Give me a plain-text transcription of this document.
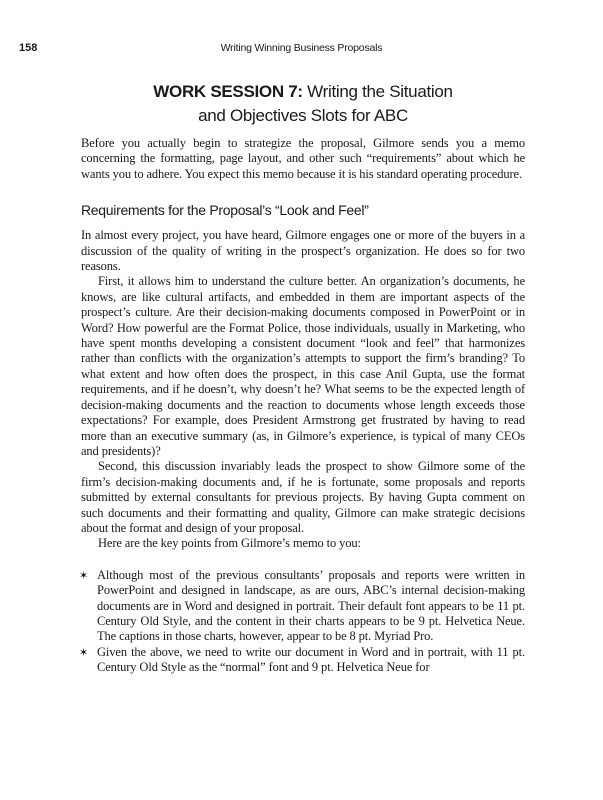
158	Writing Winning Business Proposals
WORK SESSION 7: Writing the Situation
and Objectives Slots for ABC

Before you actually begin to strategize the proposal, Gilmore sends you a memo concerning the formatting, page layout, and other such “requirements” about which he wants you to adhere. You expect this memo because it is his standard operating procedure.

Requirements for the Proposal’s “Look and Feel”

In almost every project, you have heard, Gilmore engages one or more of the buyers in a discussion of the quality of writing in the prospect’s organization. He does so for two reasons.

First, it allows him to understand the culture better. An organization’s documents, he knows, are like cultural artifacts, and embedded in them are important aspects of the prospect’s culture. Are their decision-making documents composed in PowerPoint or in Word? How powerful are the Format Police, those individuals, usually in Marketing, who have spent months developing a consistent document “look and feel” that harmonizes rather than conflicts with the organization’s attempts to support the firm’s branding? To what extent and how often does the prospect, in this case Anil Gupta, use the format requirements, and if he doesn’t, why doesn’t he? What seems to be the expected length of decision-making documents and the reaction to documents whose length exceeds those expectations? For example, does President Armstrong get frustrated by having to read more than an executive summary (as, in Gilmore’s experience, is typical of many CEOs and presidents)?

Second, this discussion invariably leads the prospect to show Gilmore some of the firm’s decision-making documents and, if he is fortunate, some proposals and reports submitted by external consultants for previous projects. By having Gupta comment on such documents and their formatting and quality, Gilmore can make strategic decisions about the format and design of your proposal.

Here are the key points from Gilmore’s memo to you:

✶ Although most of the previous consultants’ proposals and reports were written in PowerPoint and designed in landscape, as are ours, ABC’s internal decision-making documents are in Word and designed in portrait. Their default font appears to be 11 pt. Century Old Style, and the content in their charts appears to be 9 pt. Helvetica Neue. The captions in those charts, however, appear to be 8 pt. Myriad Pro.
✶ Given the above, we need to write our document in Word and in portrait, with 11 pt. Century Old Style as the “normal” font and 9 pt. Helvetica Neue for
